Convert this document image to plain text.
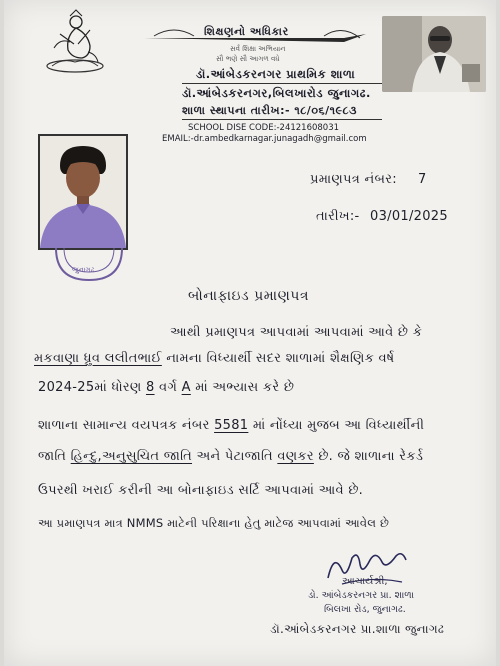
શિક્ષણનો અધિકાર
સર્વ શિક્ષા અભિયાન
સૌ ભણે સૌ આગળ વધે
ડૉ.આંબેડકરનગર પ્રાથમિક શાળા
ડૉ.આંબેડકરનગર,બિલખારોડ જુનાગઢ.
શાળા સ્થાપના તારીખ:- ૧૮/૦૬/૧૯૮૩
SCHOOL DISE CODE:-24121608031
EMAIL:-dr.ambedkarnagar.junagadh@gmail.com
જુનાગઢ
પ્રમાણપત્ર નંબર: 7
તારીખ:- 03/01/2025
બોનાફાઇડ પ્રમાણપત્ર
આથી પ્રમાણપત્ર આપવામાં આપવામાં આવે છે કે
મકવાણા ધ્રુવ લલીતભાઈ નામના વિધ્યાર્થી સદર શાળામાં શૈક્ષણિક વર્ષ
2024-25માં ધોરણ 8 વર્ગ A માં અભ્યાસ કરે છે
શાળાના સામાન્ય વયપત્રક નંબર 5581 માં નોંધ્યા મુજબ આ વિધ્યાર્થીની
જાતિ હિન્દુ,અનુસુચિત જાતિ અને પેટાજાતિ વણકર છે. જે શાળાના રેકર્ડ
ઉપરથી ખરાઈ કરીની આ બોનાફાઇડ સર્ટિ આપવામાં આવે છે.
આ પ્રમાણપત્ર માત્ર NMMS માટેની પરિક્ષાના હેતુ માટેજ આપવામાં આવેલ છે
આચાર્યશ્રી,
ડો. આંબેડકરનગર પ્રા. શાળા
બિલખા રોડ, જુનાગઢ.
ડૉ.આંબેડકરનગર પ્રા.શાળા જુનાગઢ
